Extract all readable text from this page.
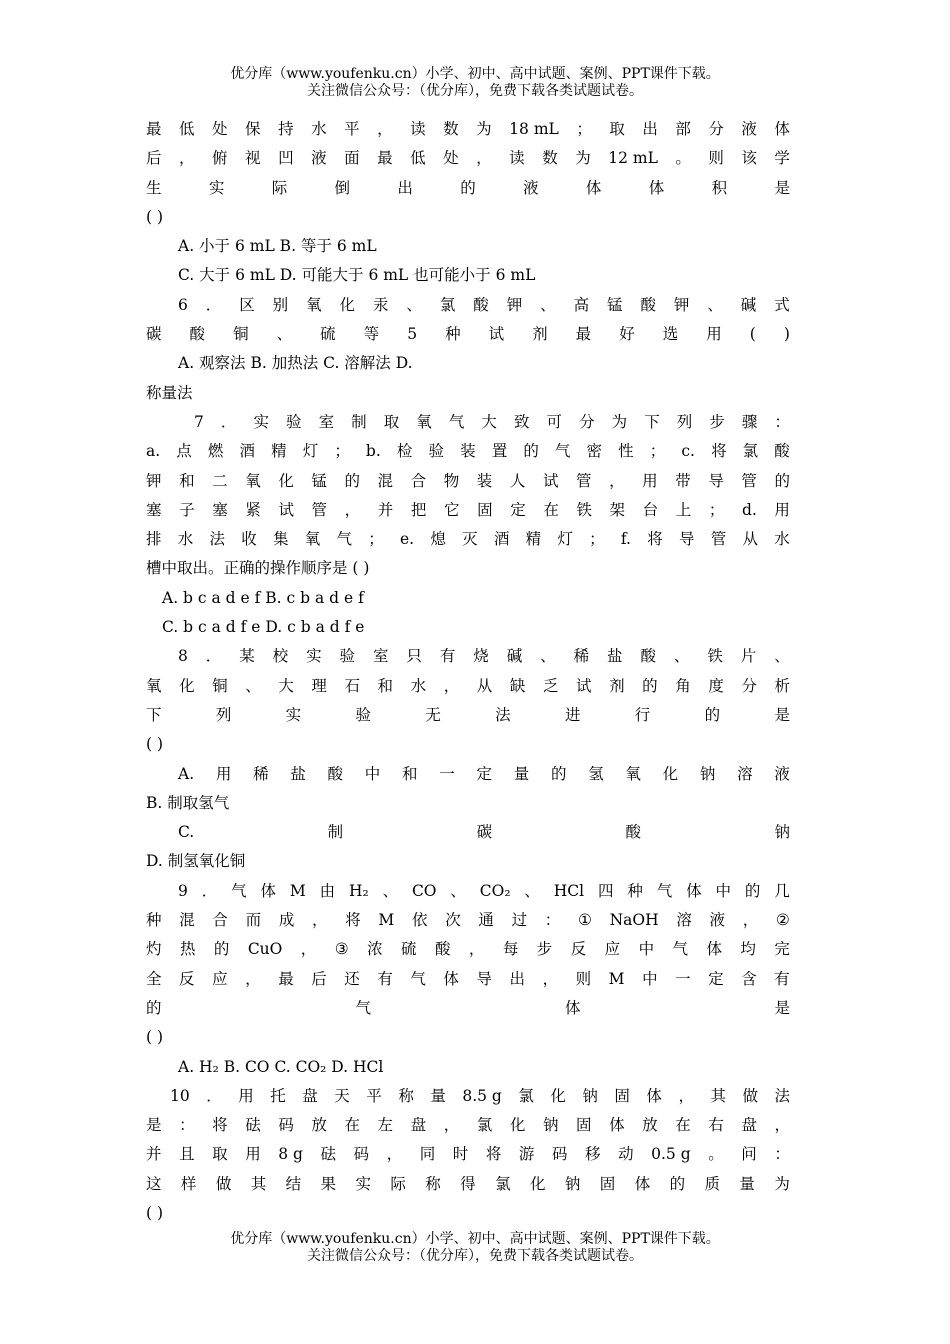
优分库（www.youfenku.cn）小学、初中、高中试题、案例、PPT课件下载。
关注微信公众号：（优分库），免费下载各类试题试卷。
最 低 处 保 持 水 平 ， 读 数 为 18 mL ； 取 出 部 分 液 体
后 ， 俯 视 凹 液 面 最 低 处 ， 读 数 为 12 mL 。 则 该 学
生	实	际	倒	出	的	液	体	体	积	是
( )
A. 小于 6 mL B. 等于 6 mL
C. 大于 6 mL D. 可能大于 6 mL 也可能小于 6 mL
6 ． 区 别 氧 化 汞 、 氯 酸 钾 、 高 锰 酸 钾 、 碱 式
碳 酸 铜 、 硫 等 5 种 试 剂 最 好 选 用 ( )
A. 观察法 B. 加热法 C. 溶解法 D.
称量法
7 ． 实 验 室 制 取 氧 气 大 致 可 分 为 下 列 步 骤 ：
a. 点 燃 酒 精 灯 ； b. 检 验 装 置 的 气 密 性 ； c. 将 氯 酸
钾 和 二 氧 化 锰 的 混 合 物 装 人 试 管 ， 用 带 导 管 的
塞 子 塞 紧 试 管 ， 并 把 它 固 定 在 铁 架 台 上 ； d. 用
排 水 法 收 集 氧 气 ； e. 熄 灭 酒 精 灯 ； f. 将 导 管 从 水
槽中取出。正确的操作顺序是 ( )
A. b c a d e f B. c b a d e f
C. b c a d f e D. c b a d f e
8 ． 某 校 实 验 室 只 有 烧 碱 、 稀 盐 酸 、 铁 片 、
氧 化 铜 、 大 理 石 和 水 ， 从 缺 乏 试 剂 的 角 度 分 析
下	列	实	验	无	法	进	行	的	是
( )
A. 用 稀 盐 酸 中 和 一 定 量 的 氢 氧 化 钠 溶 液
B. 制取氢气
C.	制	碳	酸	钠
D. 制氢氧化铜
9 ． 气 体 M 由 H₂ 、 CO 、 CO₂ 、 HCl 四 种 气 体 中 的 几
种 混 合 而 成 ， 将 M 依 次 通 过 ： ① NaOH 溶 液 ， ②
灼 热 的 CuO ， ③ 浓 硫 酸 ， 每 步 反 应 中 气 体 均 完
全 反 应 ， 最 后 还 有 气 体 导 出 ， 则 M 中 一 定 含 有
的	气	体	是
( )
A. H₂ B. CO C. CO₂ D. HCl
10 ． 用 托 盘 天 平 称 量 8.5 g 氯 化 钠 固 体 ， 其 做 法
是 ： 将 砝 码 放 在 左 盘 ， 氯 化 钠 固 体 放 在 右 盘 ，
并 且 取 用 8 g 砝 码 ， 同 时 将 游 码 移 动 0.5 g 。 问 ：
这 样 做 其 结 果 实 际 称 得 氯 化 钠 固 体 的 质 量 为
( )
优分库（www.youfenku.cn）小学、初中、高中试题、案例、PPT课件下载。
关注微信公众号：（优分库），免费下载各类试题试卷。
